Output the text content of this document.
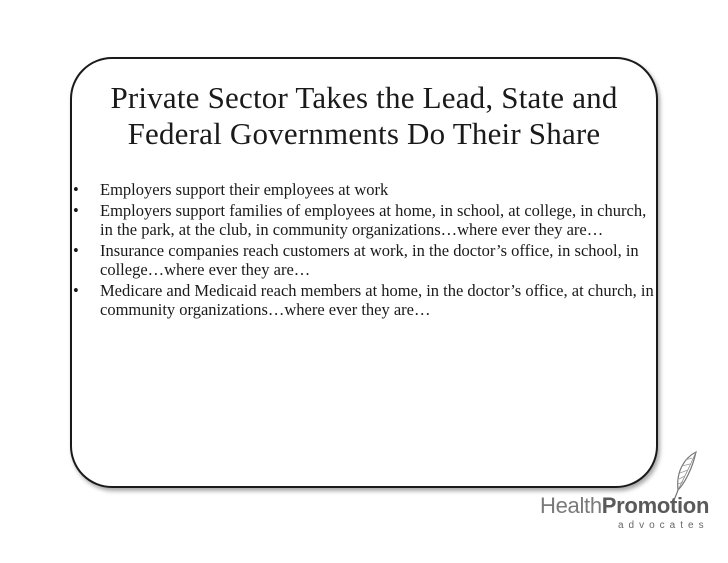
Private Sector Takes the Lead, State and Federal Governments Do Their Share
• Employers support their employees at work
• Employers support families of employees at home, in school, at college, in church, in the park, at the club, in community organizations…where ever they are…
• Insurance companies reach customers at work, in the doctor’s office, in school, in college…where ever they are…
• Medicare and Medicaid reach members at home, in the doctor’s office, at church, in community organizations…where ever they are…
HealthPromotion
advocates
